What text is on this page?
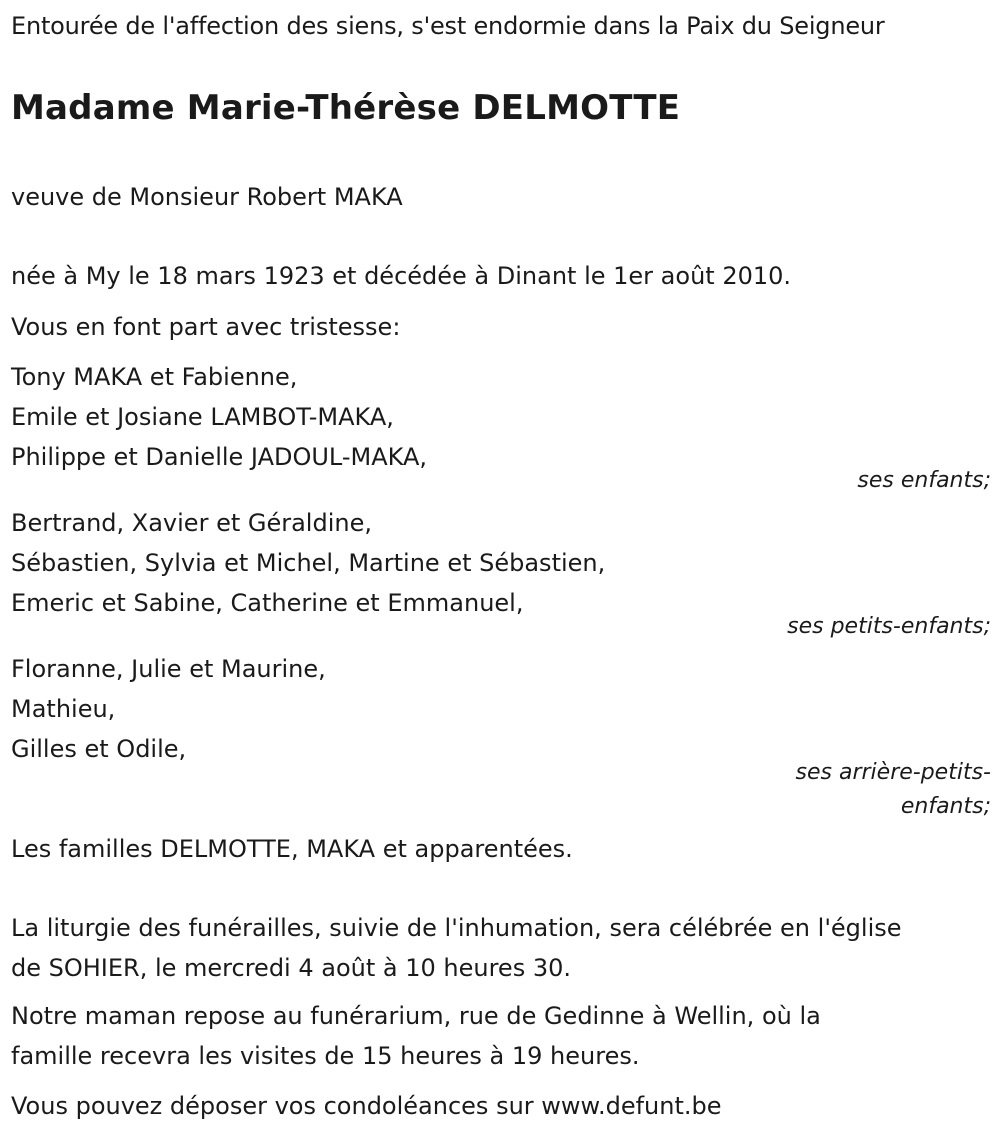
Entourée de l'affection des siens, s'est endormie dans la Paix du Seigneur
Madame Marie-Thérèse DELMOTTE
veuve de Monsieur Robert MAKA
née à My le 18 mars 1923 et décédée à Dinant le 1er août 2010.
Vous en font part avec tristesse:
Tony MAKA et Fabienne,
Emile et Josiane LAMBOT-MAKA,
Philippe et Danielle JADOUL-MAKA,
ses enfants;
Bertrand, Xavier et Géraldine,
Sébastien, Sylvia et Michel, Martine et Sébastien,
Emeric et Sabine, Catherine et Emmanuel,
ses petits-enfants;
Floranne, Julie et Maurine,
Mathieu,
Gilles et Odile,
ses arrière-petits-
enfants;
Les familles DELMOTTE, MAKA et apparentées.
La liturgie des funérailles, suivie de l'inhumation, sera célébrée en l'église
de SOHIER, le mercredi 4 août à 10 heures 30.
Notre maman repose au funérarium, rue de Gedinne à Wellin, où la
famille recevra les visites de 15 heures à 19 heures.
Vous pouvez déposer vos condoléances sur www.defunt.be
